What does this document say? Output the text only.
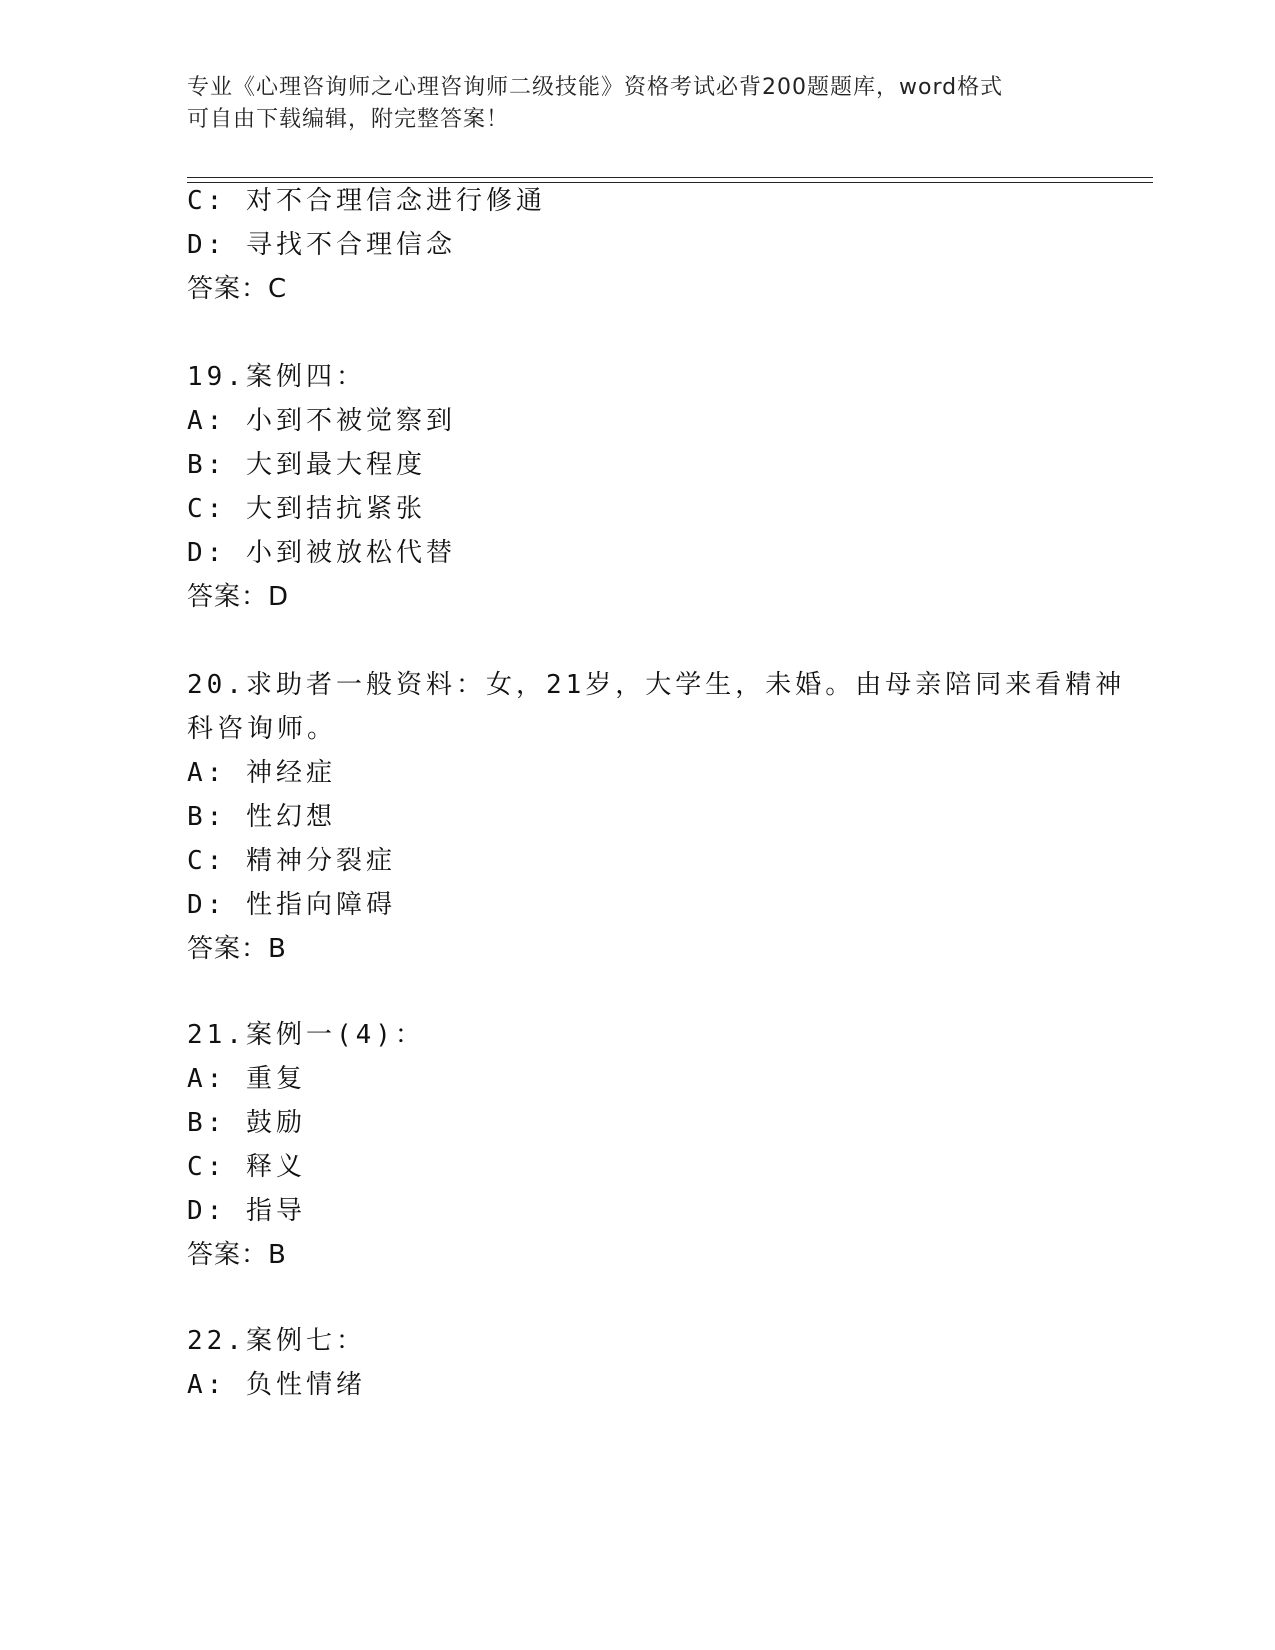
专业《心理咨询师之心理咨询师二级技能》资格考试必背200题题库，word格式
可自由下载编辑，附完整答案！
C: 对不合理信念进行修通
D: 寻找不合理信念
答案：C
19.案例四：
A: 小到不被觉察到
B: 大到最大程度
C: 大到拮抗紧张
D: 小到被放松代替
答案：D
20.求助者一般资料：女，21岁，大学生，未婚。由母亲陪同来看精神
科咨询师。
A: 神经症
B: 性幻想
C: 精神分裂症
D: 性指向障碍
答案：B
21.案例一(4)：
A: 重复
B: 鼓励
C: 释义
D: 指导
答案：B
22.案例七：
A: 负性情绪
